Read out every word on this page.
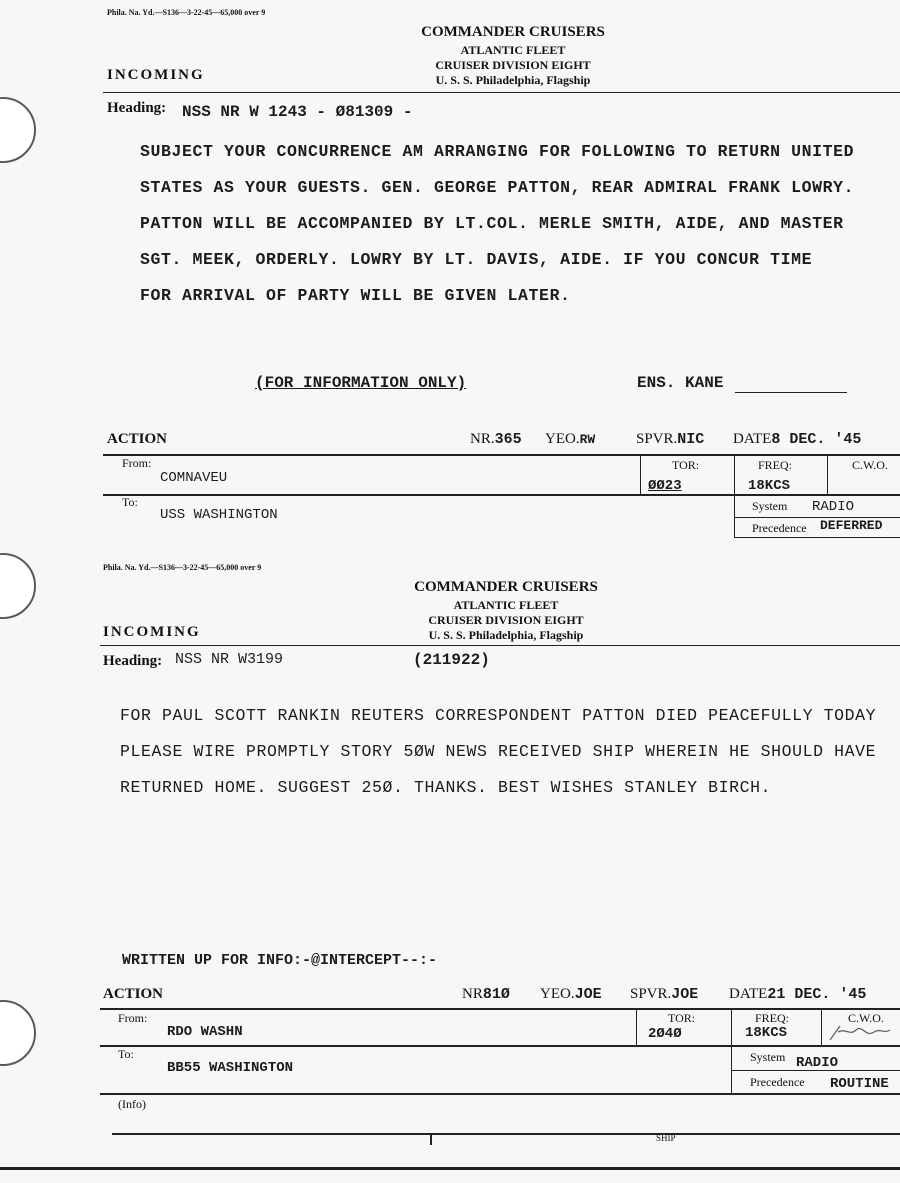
Phila. Na. Yd.—S136—3-22-45—65,000 over 9
COMMANDER CRUISERS
ATLANTIC FLEET
CRUISER DIVISION EIGHT
U. S. S. Philadelphia, Flagship
INCOMING
Heading: NSS NR W 1243 - Ø81309 -
SUBJECT YOUR CONCURRENCE AM ARRANGING FOR FOLLOWING TO RETURN UNITED
STATES AS YOUR GUESTS. GEN. GEORGE PATTON, REAR ADMIRAL FRANK LOWRY.
PATTON WILL BE ACCOMPANIED BY LT.COL. MERLE SMITH, AIDE, AND MASTER
SGT. MEEK, ORDERLY. LOWRY BY LT. DAVIS, AIDE. IF YOU CONCUR TIME
FOR ARRIVAL OF PARTY WILL BE GIVEN LATER.
(FOR INFORMATION ONLY)	ENS. KANE
ACTION	NR.365 YEO.RW	SPVR.NIC DATE8 DEC. '45
From:
COMNAVEU
TOR:
ØØ23
FREQ:
18KCS
C.W.O.
To:
USS WASHINGTON
System RADIO
Precedence DEFERRED
Phila. Na. Yd.—S136—3-22-45—65,000 over 9
COMMANDER CRUISERS
ATLANTIC FLEET
CRUISER DIVISION EIGHT
U. S. S. Philadelphia, Flagship
INCOMING
Heading: NSS NR W3199	(211922)
FOR PAUL SCOTT RANKIN REUTERS CORRESPONDENT PATTON DIED PEACEFULLY TODAY
PLEASE WIRE PROMPTLY STORY 5ØW NEWS RECEIVED SHIP WHEREIN HE SHOULD HAVE
RETURNED HOME. SUGGEST 25Ø. THANKS. BEST WISHES STANLEY BIRCH.
WRITTEN UP FOR INFO:-@INTERCEPT--:-
ACTION	NR81Ø YEO.JOE SPVR.JOE DATE21 DEC. '45
From:
RDO WASHN
TOR:
2Ø4Ø
FREQ:
18KCS
C.W.O.
To:
BB55 WASHINGTON
System RADIO
Precedence ROUTINE
(Info)
SHIP
